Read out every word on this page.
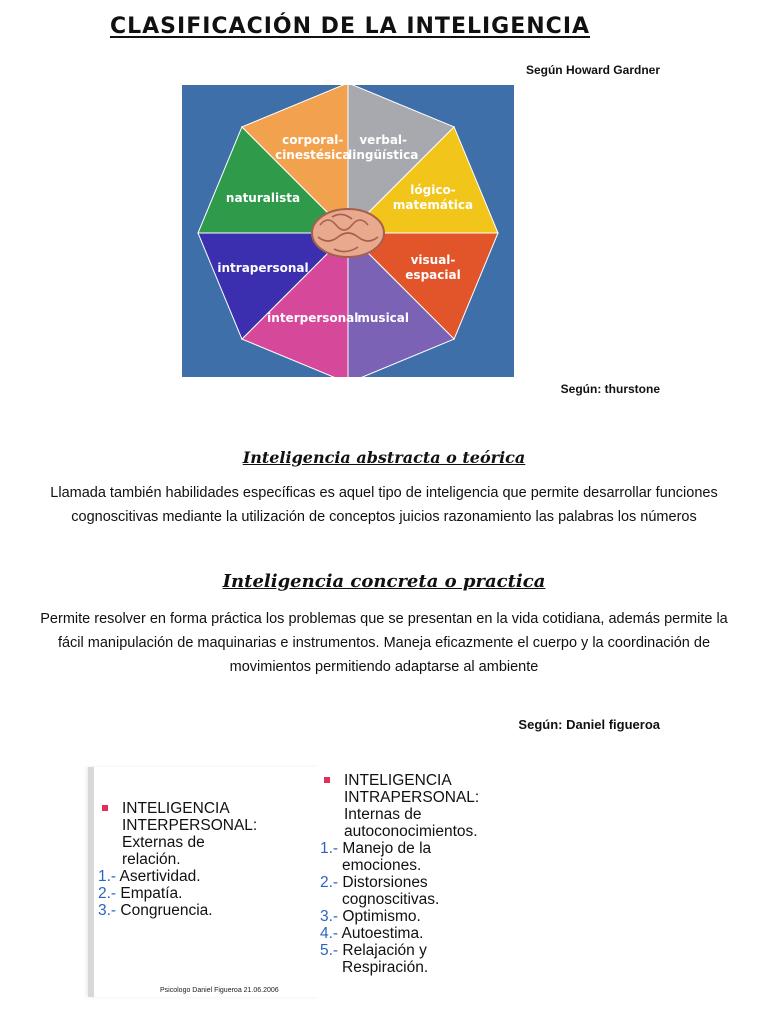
CLASIFICACIÓN DE LA INTELIGENCIA
Según Howard Gardner
verbal-
lingüística
lógico-
matemática
visual-
espacial
musical
interpersonal
intrapersonal
naturalista
corporal-
cinestésica
Según: thurstone
Inteligencia abstracta o teórica
Llamada también habilidades específicas es aquel tipo de inteligencia que permite desarrollar funciones cognoscitivas mediante la utilización de conceptos juicios razonamiento las palabras los números
Inteligencia concreta o practica
Permite resolver en forma práctica los problemas que se presentan en la vida cotidiana, además permite la fácil manipulación de maquinarias e instrumentos. Maneja eficazmente el cuerpo y la coordinación de movimientos permitiendo adaptarse al ambiente
Según: Daniel figueroa
INTELIGENCIA
INTERPERSONAL:
Externas de
relación.
1.- Asertividad.
2.- Empatía.
3.- Congruencia.
INTELIGENCIA
INTRAPERSONAL:
Internas de
autoconocimientos.
1.- Manejo de la
emociones.
2.- Distorsiones
cognoscitivas.
3.- Optimismo.
4.- Autoestima.
5.- Relajación y
Respiración.
Psicologo Daniel Figueroa 21.06.2006
